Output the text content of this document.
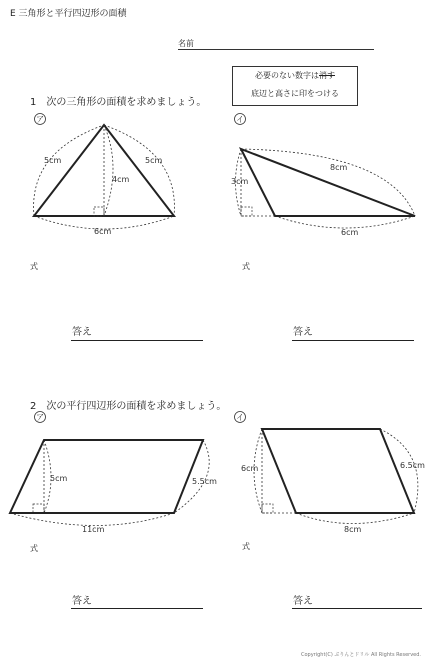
E 三角形と平行四辺形の面積
名前
必要のない数字は消す
底辺と高さに印をつける
1　次の三角形の面積を求めましょう。
ア
5cm	5cm
4cm
6cm
イ
3cm
8cm
6cm
式	式
答え	答え
2　次の平行四辺形の面積を求めましょう。
ア
5cm	5.5cm
11cm
イ
6cm	6.5cm
8cm
式	式
答え	答え
Copyright(C) ぷりんとドリル All Rights Reserved.
